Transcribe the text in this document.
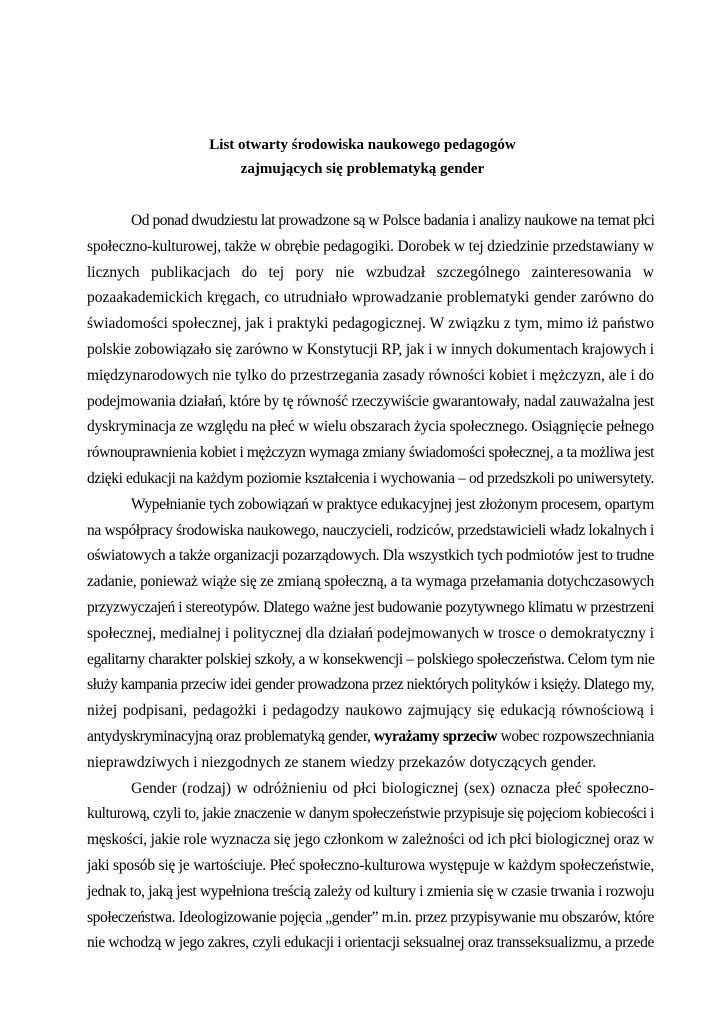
List otwarty środowiska naukowego pedagogów
zajmujących się problematyką gender
Od ponad dwudziestu lat prowadzone są w Polsce badania i analizy naukowe na temat płci
społeczno-kulturowej, także w obrębie pedagogiki. Dorobek w tej dziedzinie przedstawiany w
licznych publikacjach do tej pory nie wzbudzał szczególnego zainteresowania w
pozaakademickich kręgach, co utrudniało wprowadzanie problematyki gender zarówno do
świadomości społecznej, jak i praktyki pedagogicznej. W związku z tym, mimo iż państwo
polskie zobowiązało się zarówno w Konstytucji RP, jak i w innych dokumentach krajowych i
międzynarodowych nie tylko do przestrzegania zasady równości kobiet i mężczyzn, ale i do
podejmowania działań, które by tę równość rzeczywiście gwarantowały, nadal zauważalna jest
dyskryminacja ze względu na płeć w wielu obszarach życia społecznego. Osiągnięcie pełnego
równouprawnienia kobiet i mężczyzn wymaga zmiany świadomości społecznej, a ta możliwa jest
dzięki edukacji na każdym poziomie kształcenia i wychowania – od przedszkoli po uniwersytety.
Wypełnianie tych zobowiązań w praktyce edukacyjnej jest złożonym procesem, opartym
na współpracy środowiska naukowego, nauczycieli, rodziców, przedstawicieli władz lokalnych i
oświatowych a także organizacji pozarządowych. Dla wszystkich tych podmiotów jest to trudne
zadanie, ponieważ wiąże się ze zmianą społeczną, a ta wymaga przełamania dotychczasowych
przyzwyczajeń i stereotypów. Dlatego ważne jest budowanie pozytywnego klimatu w przestrzeni
społecznej, medialnej i politycznej dla działań podejmowanych w trosce o demokratyczny i
egalitarny charakter polskiej szkoły, a w konsekwencji – polskiego społeczeństwa. Celom tym nie
służy kampania przeciw idei gender prowadzona przez niektórych polityków i księży. Dlatego my,
niżej podpisani, pedagożki i pedagodzy naukowo zajmujący się edukacją równościową i
antydyskryminacyjną oraz problematyką gender, wyrażamy sprzeciw wobec rozpowszechniania
nieprawdziwych i niezgodnych ze stanem wiedzy przekazów dotyczących gender.
Gender (rodzaj) w odróżnieniu od płci biologicznej (sex) oznacza płeć społeczno-
kulturową, czyli to, jakie znaczenie w danym społeczeństwie przypisuje się pojęciom kobiecości i
męskości, jakie role wyznacza się jego członkom w zależności od ich płci biologicznej oraz w
jaki sposób się je wartościuje. Płeć społeczno-kulturowa występuje w każdym społeczeństwie,
jednak to, jaką jest wypełniona treścią zależy od kultury i zmienia się w czasie trwania i rozwoju
społeczeństwa. Ideologizowanie pojęcia „gender” m.in. przez przypisywanie mu obszarów, które
nie wchodzą w jego zakres, czyli edukacji i orientacji seksualnej oraz transseksualizmu, a przede
